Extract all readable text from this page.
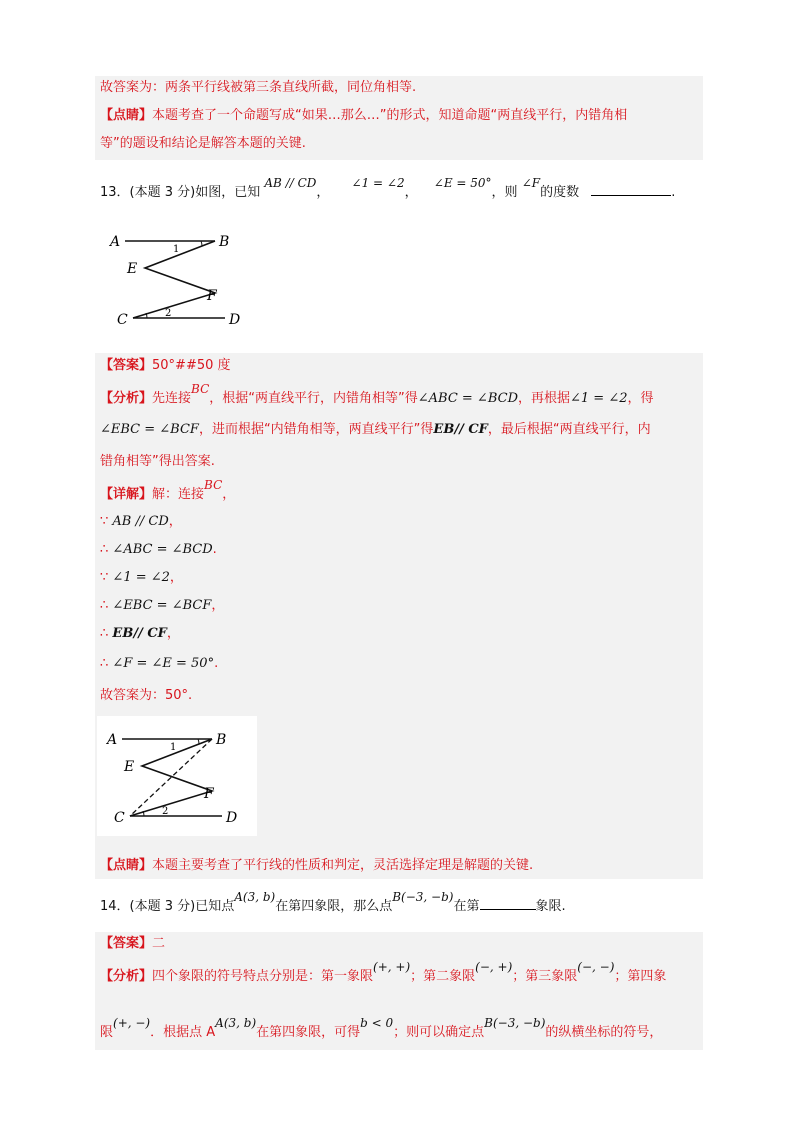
故答案为：两条平行线被第三条直线所截，同位角相等.
【点睛】本题考查了一个命题写成“如果…那么…”的形式，知道命题“两直线平行，内错角相
等”的题设和结论是解答本题的关键.
13．(本题 3 分)如图，已知 AB // CD， ∠1 = ∠2， ∠E = 50°，则 ∠F的度数	.
A	B
E
F
C	D
1
2
【答案】50°##50 度
【分析】先连接BC，根据“两直线平行，内错角相等”得∠ABC = ∠BCD，再根据∠1 = ∠2，得
∠EBC = ∠BCF，进而根据“内错角相等，两直线平行”得EB// CF，最后根据“两直线平行，内
错角相等”得出答案.
【详解】解：连接BC，
∵ AB // CD，
∴ ∠ABC = ∠BCD.
∵ ∠1 = ∠2，
∴ ∠EBC = ∠BCF，
∴ EB// CF，
∴ ∠F = ∠E = 50°.
故答案为：50°.
A	B
E
F
C	D
1
2
【点睛】本题主要考查了平行线的性质和判定，灵活选择定理是解题的关键.
14．(本题 3 分)已知点A(3, b)在第四象限，那么点B(−3, −b)在第	象限.
【答案】二
【分析】四个象限的符号特点分别是：第一象限(+, +)；第二象限(−, +)；第三象限(−, −)；第四象
限(+, −)．根据点 AA(3, b)在第四象限，可得b < 0；则可以确定点B(−3, −b)的纵横坐标的符号，
